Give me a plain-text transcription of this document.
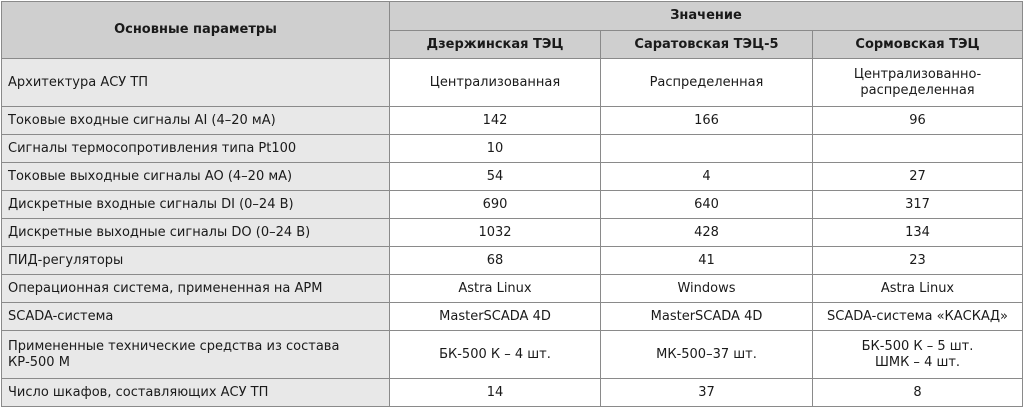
Основные параметры	Значение		
	Дзержинская ТЭЦ	Саратовская ТЭЦ-5	Сормовская ТЭЦ
Архитектура АСУ ТП	Централизованная	Распределенная	Централизованно-
распределенная

Токовые входные сигналы AI (4–20 мА)	142	166	96

Сигналы термосопротивления типа Pt100	10		

Токовые выходные сигналы AO (4–20 мА)	54	4	27

Дискретные входные сигналы DI (0–24 В)	690	640	317

Дискретные выходные сигналы DO (0–24 В)	1032	428	134

ПИД-регуляторы	68	41	23

Операционная система, примененная на АРМ	Astra Linux	Windows	Astra Linux

SCADA-система	MasterSCADA 4D	MasterSCADA 4D	SCADA-система «КАСКАД»

Примененные технические средства из состава КР-500 М	БК-500 К – 4 шт.	МК-500–37 шт.	БК-500 К – 5 шт.
ШМК – 4 шт.

Число шкафов, составляющих АСУ ТП	14	37	8
